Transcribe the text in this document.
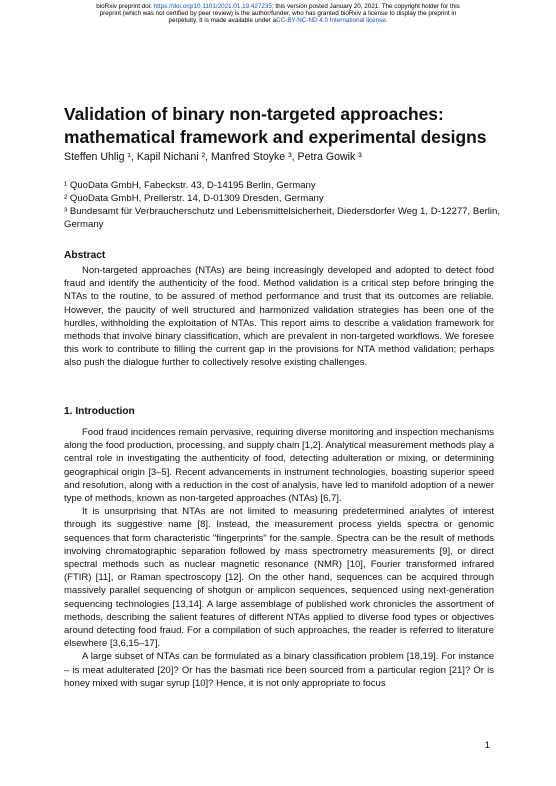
bioRxiv preprint doi: https://doi.org/10.1101/2021.01.19.427235; this version posted January 20, 2021. The copyright holder for this
preprint (which was not certified by peer review) is the author/funder, who has granted bioRxiv a license to display the preprint in
perpetuity. It is made available under aCC-BY-NC-ND 4.0 International license.
Validation of binary non-targeted approaches: mathematical framework and experimental designs
Steffen Uhlig ¹, Kapil Nichani ², Manfred Stoyke ³, Petra Gowik ³
¹ QuoData GmbH, Fabeckstr. 43, D-14195 Berlin, Germany
² QuoData GmbH, Prellerstr. 14, D-01309 Dresden, Germany
³ Bundesamt für Verbraucherschutz und Lebensmittelsicherheit, Diedersdorfer Weg 1, D-12277, Berlin, Germany
Abstract

Non-targeted approaches (NTAs) are being increasingly developed and adopted to detect food fraud and identify the authenticity of the food. Method validation is a critical step before bringing the NTAs to the routine, to be assured of method performance and trust that its outcomes are reliable. However, the paucity of well structured and harmonized validation strategies has been one of the hurdles, withholding the exploitation of NTAs. This report aims to describe a validation framework for methods that involve binary classification, which are prevalent in non-targeted workflows. We foresee this work to contribute to filling the current gap in the provisions for NTA method validation; perhaps also push the dialogue further to collectively resolve existing challenges.

1. Introduction

Food fraud incidences remain pervasive, requiring diverse monitoring and inspection mechanisms along the food production, processing, and supply chain [1,2]. Analytical measurement methods play a central role in investigating the authenticity of food, detecting adulteration or mixing, or determining geographical origin [3–5]. Recent advancements in instrument technologies, boasting superior speed and resolution, along with a reduction in the cost of analysis, have led to manifold adoption of a newer type of methods, known as non-targeted approaches (NTAs) [6,7].

It is unsurprising that NTAs are not limited to measuring predetermined analytes of interest through its suggestive name [8]. Instead, the measurement process yields spectra or genomic sequences that form characteristic "fingerprints" for the sample. Spectra can be the result of methods involving chromatographic separation followed by mass spectrometry measurements [9], or direct spectral methods such as nuclear magnetic resonance (NMR) [10], Fourier transformed infrared (FTIR) [11], or Raman spectroscopy [12]. On the other hand, sequences can be acquired through massively parallel sequencing of shotgun or amplicon sequences, sequenced using next-generation sequencing technologies [13,14]. A large assemblage of published work chronicles the assortment of methods, describing the salient features of different NTAs applied to diverse food types or objectives around detecting food fraud. For a compilation of such approaches, the reader is referred to literature elsewhere [3,6,15–17].

A large subset of NTAs can be formulated as a binary classification problem [18,19]. For instance – is meat adulterated [20]? Or has the basmati rice been sourced from a particular region [21]? Or is honey mixed with sugar syrup [10]? Hence, it is not only appropriate to focus

1
